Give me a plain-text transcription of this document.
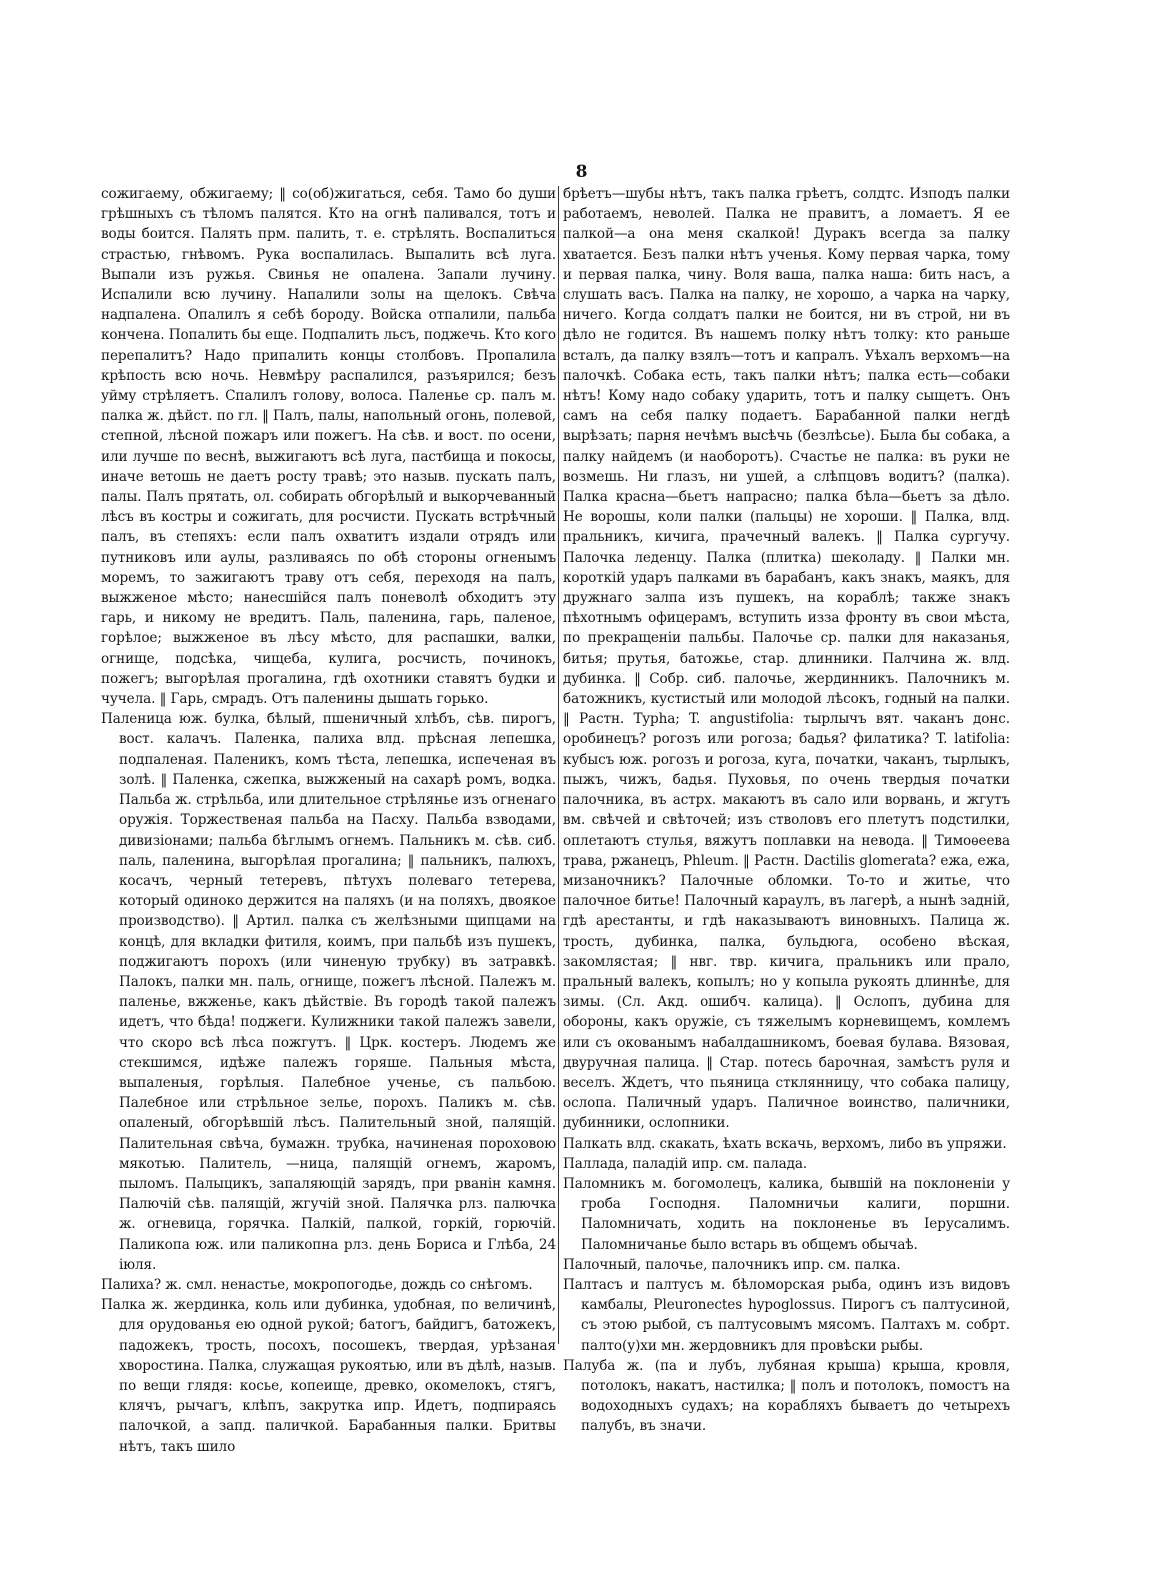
8

сожигаему, обжигаему; ‖ со(об)жигаться, себя. Тамо бо души грѣшныхъ съ тѣломъ палятся. Кто на огнѣ паливался, тотъ и воды боится. Палять прм. палить, т. е. стрѣлять. Воспалиться страстью, гнѣвомъ. Рука воспалилась. Выпалить всѣ луга. Выпали изъ ружья. Свинья не опалена. Запали лучину. Испалили всю лучину. Напалили золы на щелокъ. Свѣча надпалена. Опалилъ я себѣ бороду. Войска отпалили, пальба кончена. Попалить бы еще. Подпалить льсъ, поджечь. Кто кого перепалитъ? Надо припалить концы столбовъ. Пропалила крѣпость всю ночь. Невмѣру распалился, разъярился; безъ уйму стрѣляетъ. Спалилъ голову, волоса. Паленье ср. палъ м. палка ж. дѣйст. по гл. ‖ Палъ, палы, напольный огонь, полевой, степной, лѣсной пожаръ или пожегъ. На сѣв. и вост. по осени, или лучше по веснѣ, выжигаютъ всѣ луга, пастбища и покосы, иначе ветошь не даетъ росту травѣ; это назыв. пускать палъ, палы. Палъ прятать, ол. собирать обгорѣлый и выкорчеванный лѣсъ въ костры и сожигать, для росчисти. Пускать встрѣчный палъ, въ степяхъ: если палъ охватитъ издали отрядъ или путниковъ или аулы, разливаясь по обѣ стороны огненымъ моремъ, то зажигаютъ траву отъ себя, переходя на палъ, выжженое мѣсто; нанесшійся палъ поневолѣ обходитъ эту гарь, и никому не вредитъ. Паль, паленина, гарь, паленое, горѣлое; выжженое въ лѣсу мѣсто, для распашки, валки, огнище, подсѣка, чищеба, кулига, росчисть, починокъ, пожегъ; выгорѣлая прогалина, гдѣ охотники ставятъ будки и чучела. ‖ Гарь, смрадъ. Отъ паленины дышать горько.

Паленица юж. булка, бѣлый, пшеничный хлѣбъ, сѣв. пирогъ, вост. калачъ. Паленка, палиха влд. прѣсная лепешка, подпаленая. Паленикъ, комъ тѣста, лепешка, испеченая въ золѣ. ‖ Паленка, сжепка, выжженый на сахарѣ ромъ, водка. Пальба ж. стрѣльба, или длительное стрѣлянье изъ огненаго оружія. Торжественая пальба на Пасху. Пальба взводами, дивизіонами; пальба бѣглымъ огнемъ. Пальникъ м. сѣв. сиб. паль, паленина, выгорѣлая прогалина; ‖ пальникъ, палюхъ, косачъ, черный тетеревъ, пѣтухъ полеваго тетерева, который одиноко держится на паляхъ (и на поляхъ, двоякое производство). ‖ Артил. палка съ желѣзными щипцами на концѣ, для вкладки фитиля, коимъ, при пальбѣ изъ пушекъ, поджигаютъ порохъ (или чиненую трубку) въ затравкѣ. Палокъ, палки мн. паль, огнище, пожегъ лѣсной. Палежъ м. паленье, вжженье, какъ дѣйствіе. Въ городѣ такой палежъ идетъ, что бѣда! поджеги. Кулижники такой палежъ завели, что скоро всѣ лѣса пожгутъ. ‖ Црк. костеръ. Людемъ же стекшимся, идѣже палежъ горяше. Пальныя мѣста, выпаленыя, горѣлыя. Палебное ученье, съ пальбою. Палебное или стрѣльное зелье, порохъ. Паликъ м. сѣв. опаленый, обгорѣвшій лѣсъ. Палительный зной, палящій. Палительная свѣча, бумажн. трубка, начиненая пороховою мякотью. Палитель, —ница, палящій огнемъ, жаромъ, пыломъ. Палыцикъ, запаляющій зарядъ, при рванін камня. Палючій сѣв. палящій, жгучій зной. Палячка рлз. палючка ж. огневица, горячка. Палкій, палкой, горкій, горючій. Паликопа юж. или паликопна рлз. день Бориса и Глѣба, 24 іюля.

Палиха? ж. смл. ненастье, мокропогодье, дождь со снѣгомъ.

Палка ж. жердинка, коль или дубинка, удобная, по величинѣ, для орудованья ею одной рукой; батогъ, байдигъ, батожекъ, падожекъ, трость, посохъ, посошекъ, твердая, урѣзаная хворостина. Палка, служащая рукоятью, или въ дѣлѣ, назыв. по вещи глядя: косье, копеище, древко, окомелокъ, стягъ, клячъ, рычагъ, клѣпъ, закрутка ипр. Идетъ, подпираясь палочкой, а запд. паличкой. Барабанныя палки. Бритвы нѣтъ, такъ шило

брѣетъ—шубы нѣтъ, такъ палка грѣетъ, солдтс. Изподъ палки работаемъ, неволей. Палка не правитъ, а ломаетъ. Я ее палкой—а она меня скалкой! Дуракъ всегда за палку хватается. Безъ палки нѣтъ ученья. Кому первая чарка, тому и первая палка, чину. Воля ваша, палка наша: бить насъ, а слушать васъ. Палка на палку, не хорошо, а чарка на чарку, ничего. Когда солдатъ палки не боится, ни въ строй, ни въ дѣло не годится. Въ нашемъ полку нѣтъ толку: кто раньше всталъ, да палку взялъ—тотъ и капралъ. Уѣхалъ верхомъ—на палочкѣ. Собака есть, такъ палки нѣтъ; палка есть—собаки нѣтъ! Кому надо собаку ударить, тотъ и палку сыщетъ. Онъ самъ на себя палку подаетъ. Барабанной палки негдѣ вырѣзать; парня нечѣмъ высѣчь (безлѣсье). Была бы собака, а палку найдемъ (и наоборотъ). Счастье не палка: въ руки не возмешь. Ни глазъ, ни ушей, а слѣпцовъ водитъ? (палка). Палка красна—бьетъ напрасно; палка бѣла—бьетъ за дѣло. Не ворошы, коли палки (пальцы) не хороши. ‖ Палка, влд. пральникъ, кичига, прачечный валекъ. ‖ Палка сургучу. Палочка леденцу. Палка (плитка) шеколаду. ‖ Палки мн. короткій ударъ палками въ барабанъ, какъ знакъ, маякъ, для дружнаго залпа изъ пушекъ, на кораблѣ; также знакъ пѣхотнымъ офицерамъ, вступить изза фронту въ свои мѣста, по прекращеніи пальбы. Палочье ср. палки для наказанья, битья; прутья, батожье, стар. длинники. Палчина ж. влд. дубинка. ‖ Собр. сиб. палочье, жердинникъ. Палочникъ м. батожникъ, кустистый или молодой лѣсокъ, годный на палки. ‖ Растн. Typha; T. angustifolia: тырлычъ вят. чаканъ донс. оробинецъ? рогозъ или рогоза; бадья? филатика? T. latifolia: кубысъ юж. рогозъ и рогоза, куга, початки, чаканъ, тырлыкъ, пыжъ, чижъ, бадья. Пуховья, по очень твердыя початки палочника, въ астрх. макаютъ въ сало или ворвань, и жгутъ вм. свѣчей и свѣточей; изъ стволовъ его плетутъ подстилки, оплетаютъ стулья, вяжутъ поплавки на невода. ‖ Тимоѳеева трава, ржанецъ, Phleum. ‖ Растн. Dactilis glomerata? ежа, ежа, мизаночникъ? Палочные обломки. То-то и житье, что палочное битье! Палочный караулъ, въ лагерѣ, а нынѣ задній, гдѣ арестанты, и гдѣ наказываютъ виновныхъ. Палица ж. трость, дубинка, палка, бульдюга, особено вѣская, закомлястая; ‖ нвг. твр. кичига, пральникъ или прало, пральный валекъ, копылъ; но у копыла рукоять длиннѣе, для зимы. (Сл. Акд. ошибч. калица). ‖ Ослопъ, дубина для обороны, какъ оружіе, съ тяжелымъ корневищемъ, комлемъ или съ окованымъ набалдашникомъ, боевая булава. Вязовая, двуручная палица. ‖ Стар. потесь барочная, замѣстъ руля и веселъ. Ждетъ, что пьяница стклянницу, что собака палицу, ослопа. Паличный ударъ. Паличное воинство, паличники, дубинники, ослопники.

Палкать влд. скакать, ѣхать вскачь, верхомъ, либо въ упряжи.

Паллада, паладій ипр. см. палада.

Паломникъ м. богомолецъ, калика, бывшій на поклоненіи у гроба Господня. Паломничьи калиги, поршни. Паломничать, ходить на поклоненье въ Іерусалимъ. Паломничанье было встарь въ общемъ обычаѣ.

Палочный, палочье, палочникъ ипр. см. палка.

Палтасъ и палтусъ м. бѣломорская рыба, одинъ изъ видовъ камбалы, Pleuronectes hypoglossus. Пирогъ съ палтусиной, съ этою рыбой, съ палтусовымъ мясомъ. Палтахъ м. собрт. палто(у)хи мн. жердовникъ для провѣски рыбы.

Палуба ж. (па и лубъ, лубяная крыша) крыша, кровля, потолокъ, накатъ, настилка; ‖ полъ и потолокъ, помостъ на водоходныхъ судахъ; на корабляхъ бываетъ до четырехъ палубъ, въ значи.
